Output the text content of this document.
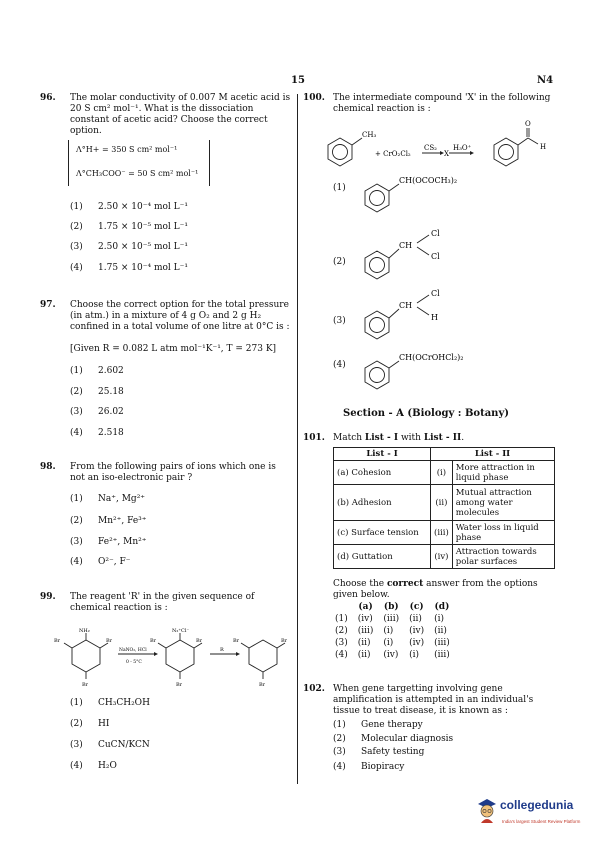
15	N4
96. The molar conductivity of 0.007 M acetic acid is 20 S cm² mol⁻¹. What is the dissociation constant of acetic acid? Choose the correct option.
Λ°H+ = 350 S cm² mol⁻¹
Λ°CH₃COO⁻ = 50 S cm² mol⁻¹
(1) 2.50 × 10⁻⁴ mol L⁻¹
(2) 1.75 × 10⁻⁵ mol L⁻¹
(3) 2.50 × 10⁻⁵ mol L⁻¹
(4) 1.75 × 10⁻⁴ mol L⁻¹
97. Choose the correct option for the total pressure (in atm.) in a mixture of 4 g O₂ and 2 g H₂ confined in a total volume of one litre at 0°C is :
[Given R = 0.082 L atm mol⁻¹K⁻¹, T = 273 K]
(1) 2.602
(2) 25.18
(3) 26.02
(4) 2.518
98. From the following pairs of ions which one is not an iso-electronic pair ?
(1) Na⁺, Mg²⁺
(2) Mn²⁺, Fe³⁺
(3) Fe²⁺, Mn²⁺
(4) O²⁻, F⁻
99. The reagent 'R' in the given sequence of chemical reaction is :
NH₂
Br
Br
Br
NaNO₂, HCl
0 - 5°C
N₂⁺Cl⁻
Br
Br
Br
R
Br
Br
Br
(1) CH₃CH₂OH
(2) HI
(3) CuCN/KCN
(4) H₂O
100. The intermediate compound 'X' in the following chemical reaction is :
CH₃
+ CrO₂Cl₂
CS₂
X
H₃O⁺
O
H
(1)
CH(OCOCH₃)₂
(2)
CH
Cl
Cl
(3)
CH
Cl
H
(4)
CH(OCrOHCl₂)₂
Section - A (Biology : Botany)
101. Match List - I with List - II.
List - I	List - II	
(a) Cohesion		(i)	More attraction in liquid phase
(b) Adhesion		(ii)	Mutual attraction among water molecules
(c) Surface tension		(iii)	Water loss in liquid phase
(d) Guttation		(iv)	Attraction towards polar surfaces
Choose the correct answer from the options given below.
	(a)	(b)	(c)	(d)
(1)	(iv)	(iii)	(ii)	(i)
(2)	(iii)	(i)	(iv)	(ii)
(3)	(ii)	(i)	(iv)	(iii)
(4)	(ii)	(iv)	(i)	(iii)
102. When gene targetting involving gene amplification is attempted in an individual's tissue to treat disease, it is known as :
(1) Gene therapy
(2) Molecular diagnosis
(3) Safety testing
(4) Biopiracy
collegedunia
India's largest Student Review Platform
